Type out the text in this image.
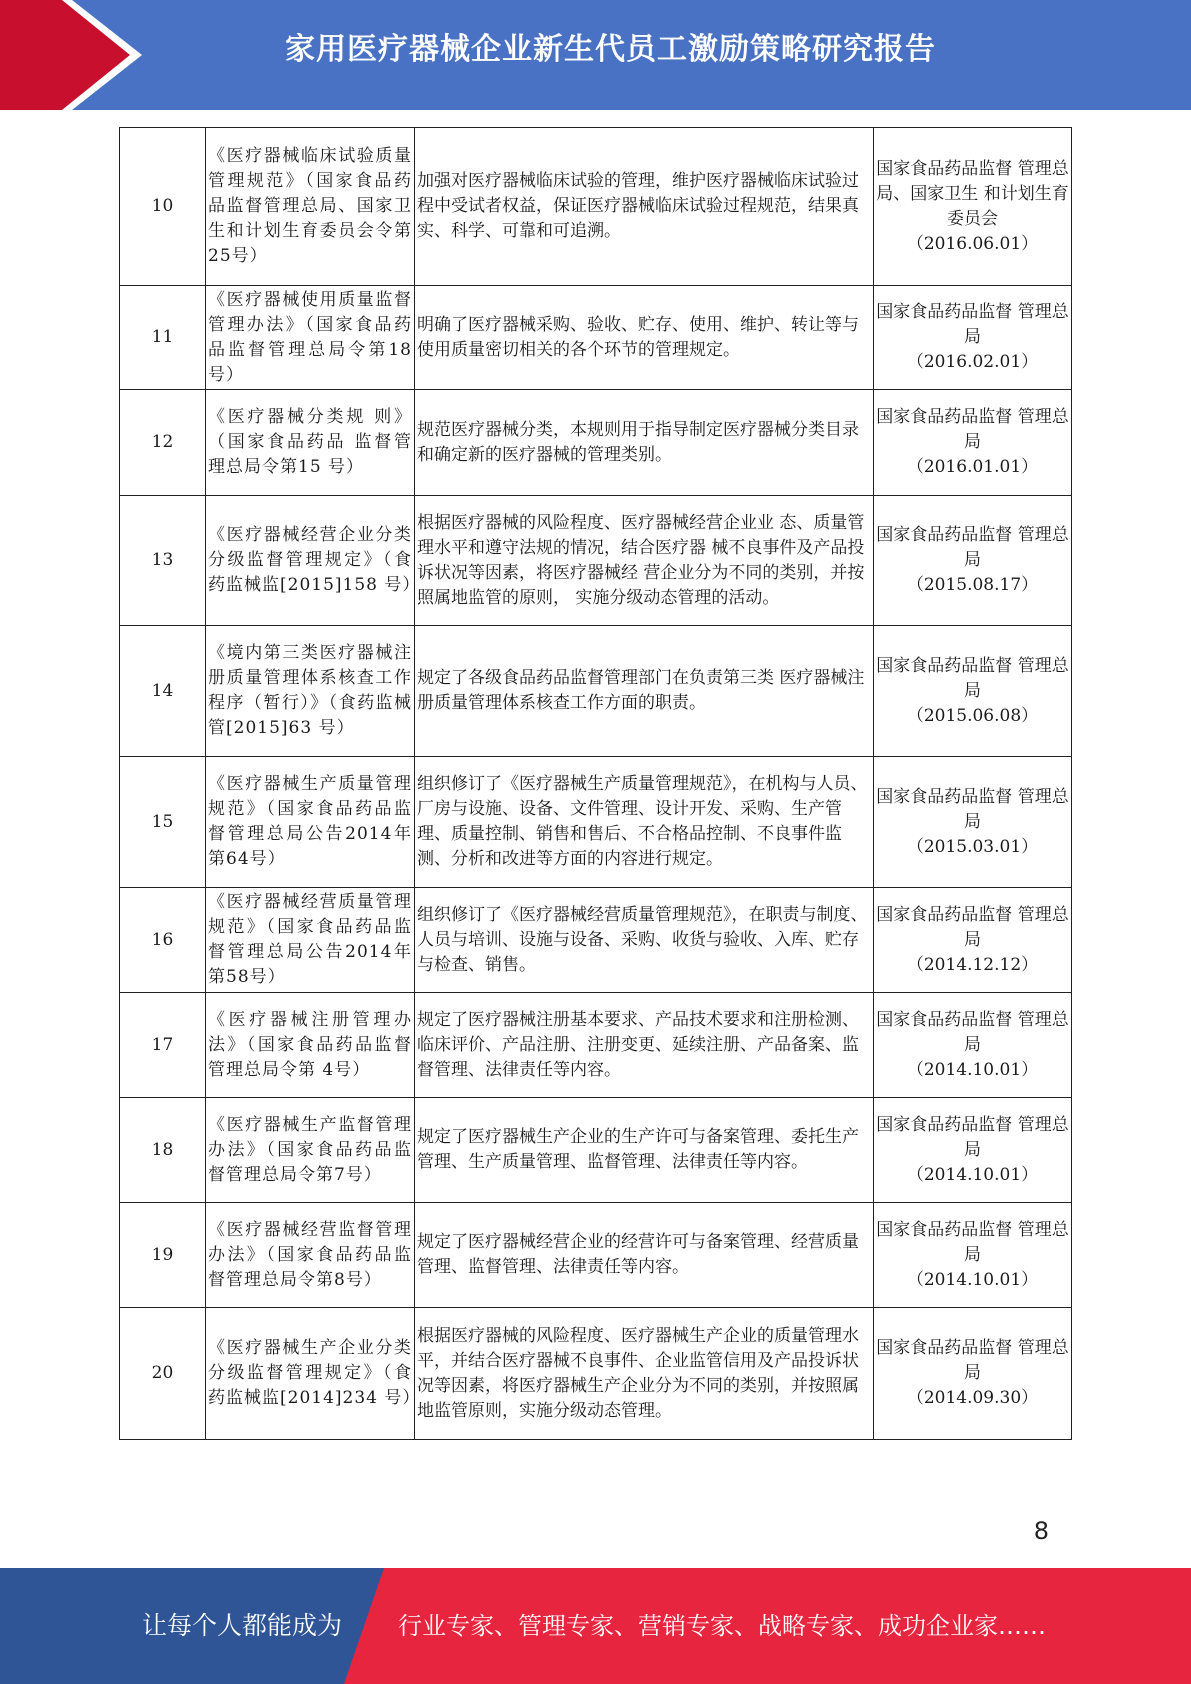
家用医疗器械企业新生代员工激励策略研究报告
10	《医疗器械临床试验质量管理规范》（国家食品药品监督管理总局、国家卫生和计划生育委员会令第25号）	加强对医疗器械临床试验的管理，维护医疗器械临床试验过程中受试者权益，保证医疗器械临床试验过程规范，结果真实、科学、可靠和可追溯。	国家食品药品监督 管理总局、国家卫生 和计划生育委员会
（2016.06.01）

11	《医疗器械使用质量监督管理办法》（国家食品药品监督管理总局令第18号）	明确了医疗器械采购、验收、贮存、使用、维护、转让等与使用质量密切相关的各个环节的管理规定。	国家食品药品监督 管理总局
（2016.02.01）

12	《医疗器械分类规 则》（国家食品药品 监督管理总局令第15 号）	规范医疗器械分类，本规则用于指导制定医疗器械分类目录和确定新的医疗器械的管理类别。	国家食品药品监督 管理总局
（2016.01.01）

13	《医疗器械经营企业分类分级监督管理规定》（食药监械监[2015]158 号）	根据医疗器械的风险程度、医疗器械经营企业业 态、质量管理水平和遵守法规的情况，结合医疗器 械不良事件及产品投诉状况等因素，将医疗器械经 营企业分为不同的类别，并按照属地监管的原则， 实施分级动态管理的活动。	国家食品药品监督 管理总局
（2015.08.17）

14	《境内第三类医疗器械注册质量管理体系核查工作程序（暂行）》（食药监械管[2015]63 号）	规定了各级食品药品监督管理部门在负责第三类 医疗器械注册质量管理体系核查工作方面的职责。	国家食品药品监督 管理总局
（2015.06.08）

15	《医疗器械生产质量管理规范》（国家食品药品监督管理总局公告2014年第64号）	组织修订了《医疗器械生产质量管理规范》，在机构与人员、厂房与设施、设备、文件管理、设计开发、采购、生产管理、质量控制、销售和售后、不合格品控制、不良事件监测、分析和改进等方面的内容进行规定。	国家食品药品监督 管理总局
（2015.03.01）

16	《医疗器械经营质量管理规范》（国家食品药品监督管理总局公告2014年第58号）	组织修订了《医疗器械经营质量管理规范》，在职责与制度、人员与培训、设施与设备、采购、收货与验收、入库、贮存与检查、销售。	国家食品药品监督 管理总局
（2014.12.12）

17	《医疗器械注册管理办法》（国家食品药品监督管理总局令第 4号）	规定了医疗器械注册基本要求、产品技术要求和注册检测、临床评价、产品注册、注册变更、延续注册、产品备案、监督管理、法律责任等内容。	国家食品药品监督 管理总局
（2014.10.01）

18	《医疗器械生产监督管理办法》（国家食品药品监督管理总局令第7号）	规定了医疗器械生产企业的生产许可与备案管理、委托生产管理、生产质量管理、监督管理、法律责任等内容。	国家食品药品监督 管理总局
（2014.10.01）

19	《医疗器械经营监督管理办法》（国家食品药品监督管理总局令第8号）	规定了医疗器械经营企业的经营许可与备案管理、经营质量管理、监督管理、法律责任等内容。	国家食品药品监督 管理总局
（2014.10.01）

20	《医疗器械生产企业分类分级监督管理规定》（食药监械监[2014]234 号）	根据医疗器械的风险程度、医疗器械生产企业的质量管理水平，并结合医疗器械不良事件、企业监管信用及产品投诉状况等因素，将医疗器械生产企业分为不同的类别，并按照属地监管原则，实施分级动态管理。	国家食品药品监督 管理总局
（2014.09.30）
8
让每个人都能成为 行业专家、管理专家、营销专家、战略专家、成功企业家……
